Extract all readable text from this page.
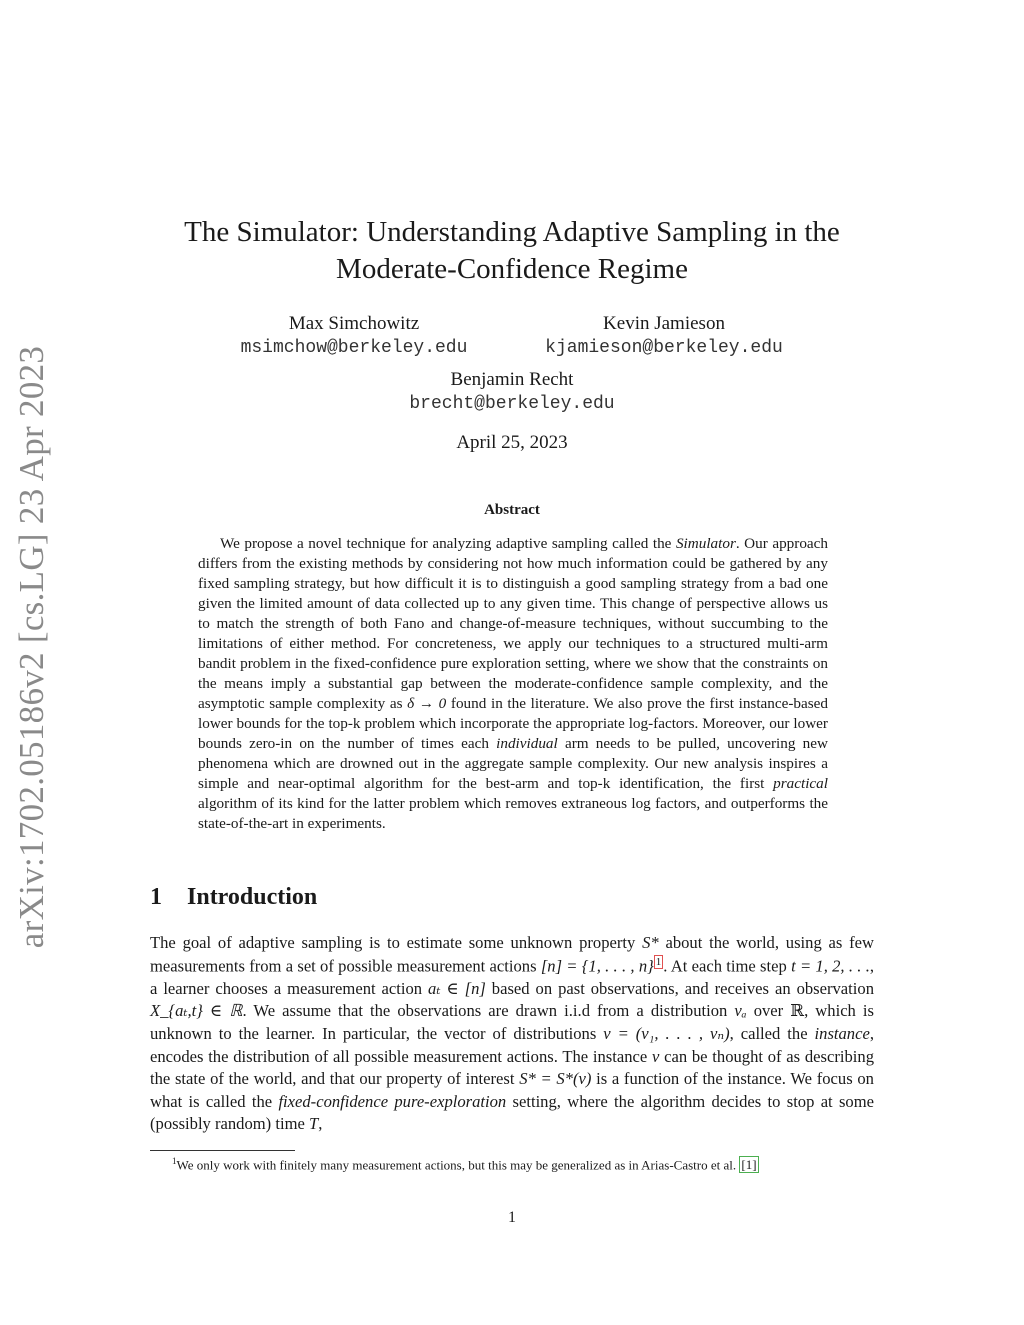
arXiv:1702.05186v2 [cs.LG] 23 Apr 2023
The Simulator: Understanding Adaptive Sampling in the
Moderate-Confidence Regime
Max Simchowitz
msimchow@berkeley.edu
Kevin Jamieson
kjamieson@berkeley.edu
Benjamin Recht
brecht@berkeley.edu
April 25, 2023
Abstract

We propose a novel technique for analyzing adaptive sampling called the Simulator. Our approach differs from the existing methods by considering not how much information could be gathered by any fixed sampling strategy, but how difficult it is to distinguish a good sampling strategy from a bad one given the limited amount of data collected up to any given time. This change of perspective allows us to match the strength of both Fano and change-of-measure techniques, without succumbing to the limitations of either method. For concreteness, we apply our techniques to a structured multi-arm bandit problem in the fixed-confidence pure exploration setting, where we show that the constraints on the means imply a substantial gap between the moderate-confidence sample complexity, and the asymptotic sample complexity as δ → 0 found in the literature. We also prove the first instance-based lower bounds for the top-k problem which incorporate the appropriate log-factors. Moreover, our lower bounds zero-in on the number of times each individual arm needs to be pulled, uncovering new phenomena which are drowned out in the aggregate sample complexity. Our new analysis inspires a simple and near-optimal algorithm for the best-arm and top-k identification, the first practical algorithm of its kind for the latter problem which removes extraneous log factors, and outperforms the state-of-the-art in experiments.

1 Introduction

The goal of adaptive sampling is to estimate some unknown property S* about the world, using as few measurements from a set of possible measurement actions [n] = {1, . . . , n} $^1$ . At each time step t = 1, 2, . . ., a learner chooses a measurement action aₜ ∈ [n] based on past observations, and receives an observation X_{aₜ,t} ∈ ℝ. We assume that the observations are drawn i.i.d from a distribution νₐ over ℝ, which is unknown to the learner. In particular, the vector of distributions ν = (ν₁, . . . , νₙ), called the instance, encodes the distribution of all possible measurement actions. The instance ν can be thought of as describing the state of the world, and that our property of interest S* = S*(ν) is a function of the instance. We focus on what is called the fixed-confidence pure-exploration setting, where the algorithm decides to stop at some (possibly random) time T,

$^1$We only work with finitely many measurement actions, but this may be generalized as in Arias-Castro et al. [1]
1
